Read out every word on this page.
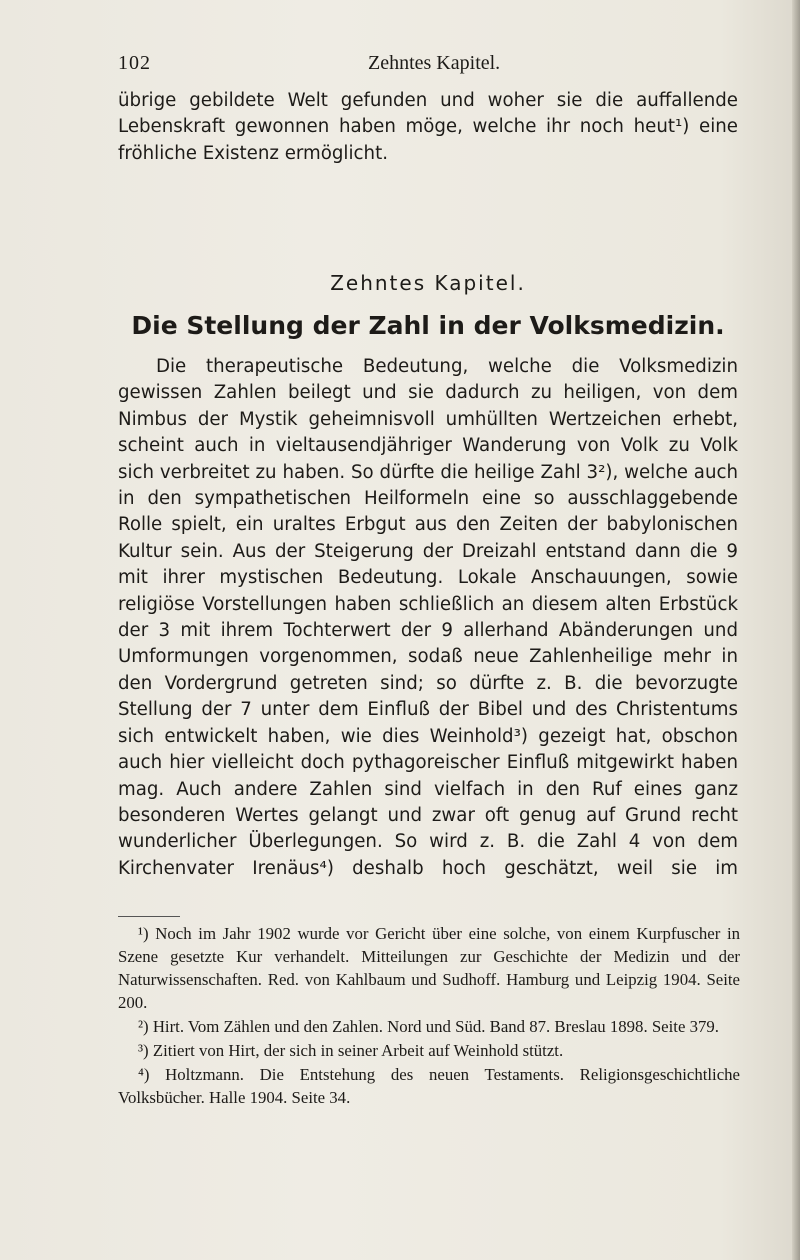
102	Zehntes Kapitel.

übrige gebildete Welt gefunden und woher sie die auffallende Lebenskraft gewonnen haben möge, welche ihr noch heut¹) eine fröhliche Existenz ermöglicht.

Zehntes Kapitel.
Die Stellung der Zahl in der Volksmedizin.

Die therapeutische Bedeutung, welche die Volksmedizin gewissen Zahlen beilegt und sie dadurch zu heiligen, von dem Nimbus der Mystik geheimnisvoll umhüllten Wertzeichen erhebt, scheint auch in vieltausendjähriger Wanderung von Volk zu Volk sich verbreitet zu haben. So dürfte die heilige Zahl 3²), welche auch in den sympathetischen Heilformeln eine so ausschlaggebende Rolle spielt, ein uraltes Erbgut aus den Zeiten der babylonischen Kultur sein. Aus der Steigerung der Dreizahl entstand dann die 9 mit ihrer mystischen Bedeutung. Lokale Anschauungen, sowie religiöse Vorstellungen haben schließlich an diesem alten Erbstück der 3 mit ihrem Tochterwert der 9 allerhand Abänderungen und Umformungen vorgenommen, sodaß neue Zahlenheilige mehr in den Vordergrund getreten sind; so dürfte z. B. die bevorzugte Stellung der 7 unter dem Einfluß der Bibel und des Christentums sich entwickelt haben, wie dies Weinhold³) gezeigt hat, obschon auch hier vielleicht doch pythagoreischer Einfluß mitgewirkt haben mag. Auch andere Zahlen sind vielfach in den Ruf eines ganz besonderen Wertes gelangt und zwar oft genug auf Grund recht wunderlicher Überlegungen. So wird z. B. die Zahl 4 von dem Kirchenvater Irenäus⁴) deshalb hoch geschätzt, weil sie im

¹) Noch im Jahr 1902 wurde vor Gericht über eine solche, von einem Kurpfuscher in Szene gesetzte Kur verhandelt. Mitteilungen zur Geschichte der Medizin und der Naturwissenschaften. Red. von Kahlbaum und Sudhoff. Hamburg und Leipzig 1904. Seite 200.

²) Hirt. Vom Zählen und den Zahlen. Nord und Süd. Band 87. Breslau 1898. Seite 379.

³) Zitiert von Hirt, der sich in seiner Arbeit auf Weinhold stützt.

⁴) Holtzmann. Die Entstehung des neuen Testaments. Religionsgeschichtliche Volksbücher. Halle 1904. Seite 34.
